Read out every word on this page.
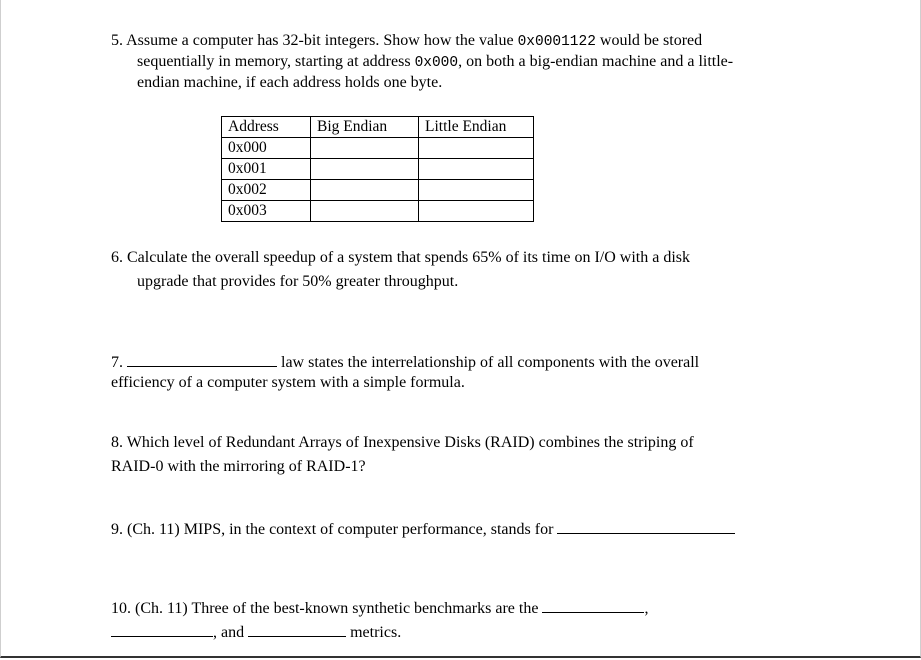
5. Assume a computer has 32-bit integers. Show how the value 0x0001122 would be stored
sequentially in memory, starting at address 0x000, on both a big-endian machine and a little-
endian machine, if each address holds one byte.
Address	Big Endian	Little Endian
0x000		
0x001		
0x002		
0x003		
6. Calculate the overall speedup of a system that spends 65% of its time on I/O with a disk
upgrade that provides for 50% greater throughput.
7.	law states the interrelationship of all components with the overall
efficiency of a computer system with a simple formula.
8. Which level of Redundant Arrays of Inexpensive Disks (RAID) combines the striping of
RAID-0 with the mirroring of RAID-1?
9. (Ch. 11) MIPS, in the context of computer performance, stands for
10. (Ch. 11) Three of the best-known synthetic benchmarks are the	,
, and	metrics.
